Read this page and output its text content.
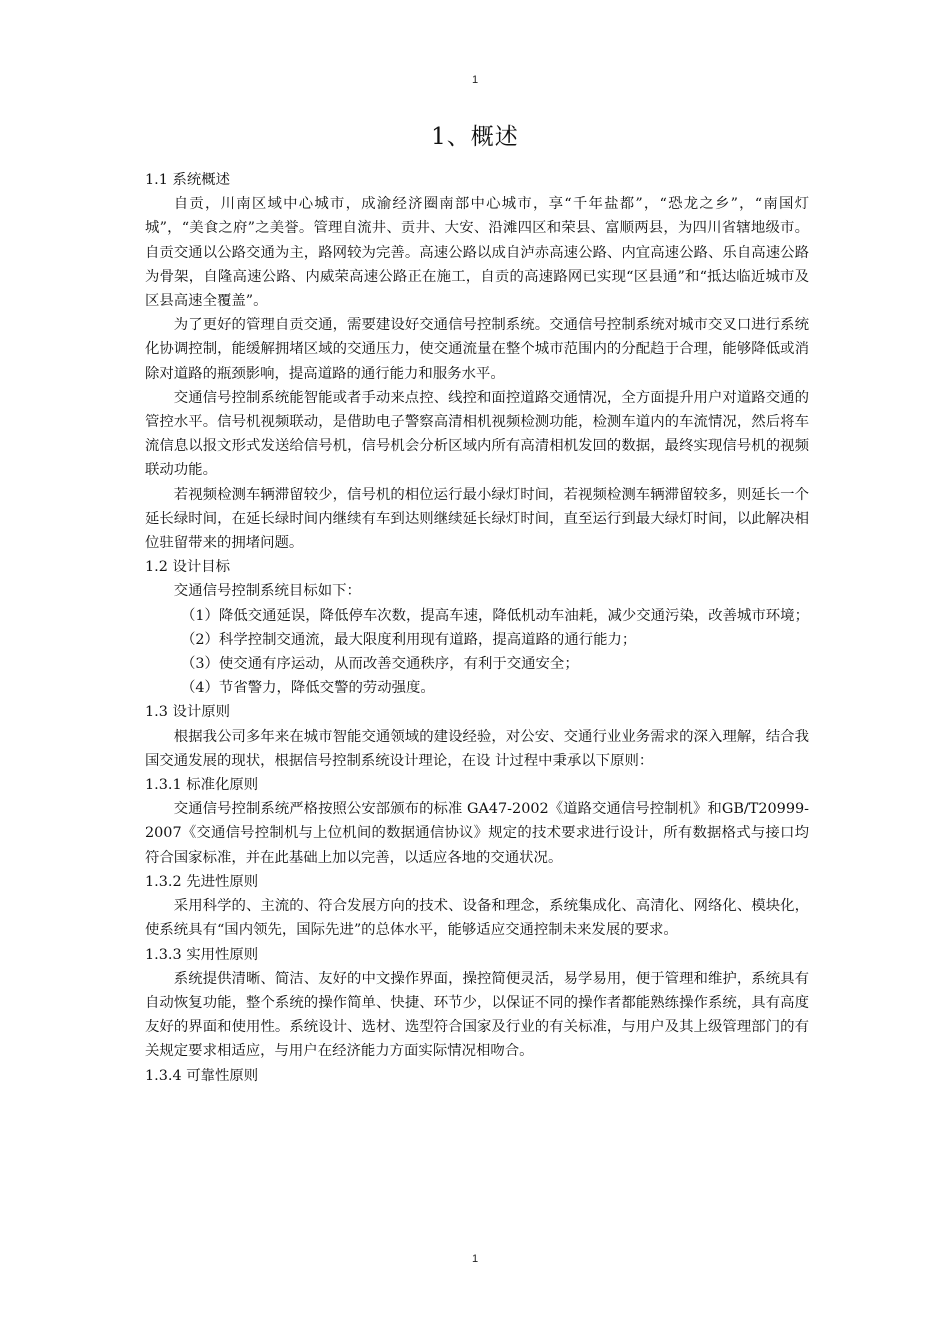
1
1、概述

1.1 系统概述

自贡，川南区域中心城市，成渝经济圈南部中心城市，享“千年盐都”，“恐龙之乡”，“南国灯城”，“美食之府”之美誉。管理自流井、贡井、大安、沿滩四区和荣县、富顺两县，为四川省辖地级市。自贡交通以公路交通为主，路网较为完善。高速公路以成自泸赤高速公路、内宜高速公路、乐自高速公路为骨架，自隆高速公路、内威荣高速公路正在施工，自贡的高速路网已实现“区县通”和“抵达临近城市及区县高速全覆盖”。

为了更好的管理自贡交通，需要建设好交通信号控制系统。交通信号控制系统对城市交叉口进行系统化协调控制，能缓解拥堵区域的交通压力，使交通流量在整个城市范围内的分配趋于合理，能够降低或消除对道路的瓶颈影响，提高道路的通行能力和服务水平。

交通信号控制系统能智能或者手动来点控、线控和面控道路交通情况，全方面提升用户对道路交通的管控水平。信号机视频联动，是借助电子警察高清相机视频检测功能，检测车道内的车流情况，然后将车流信息以报文形式发送给信号机，信号机会分析区域内所有高清相机发回的数据，最终实现信号机的视频联动功能。

若视频检测车辆滞留较少，信号机的相位运行最小绿灯时间，若视频检测车辆滞留较多，则延长一个延长绿时间，在延长绿时间内继续有车到达则继续延长绿灯时间，直至运行到最大绿灯时间，以此解决相位驻留带来的拥堵问题。

1.2 设计目标

交通信号控制系统目标如下：

（1）降低交通延误，降低停车次数，提高车速，降低机动车油耗，减少交通污染，改善城市环境；

（2）科学控制交通流，最大限度利用现有道路，提高道路的通行能力；

（3）使交通有序运动，从而改善交通秩序，有利于交通安全；

（4）节省警力，降低交警的劳动强度。

1.3 设计原则

根据我公司多年来在城市智能交通领域的建设经验，对公安、交通行业业务需求的深入理解，结合我国交通发展的现状，根据信号控制系统设计理论，在设 计过程中秉承以下原则：

1.3.1 标准化原则

交通信号控制系统严格按照公安部颁布的标准 GA47-2002《道路交通信号控制机》和GB/T20999-2007《交通信号控制机与上位机间的数据通信协议》规定的技术要求进行设计，所有数据格式与接口均符合国家标准，并在此基础上加以完善，以适应各地的交通状况。

1.3.2 先进性原则

采用科学的、主流的、符合发展方向的技术、设备和理念，系统集成化、高清化、网络化、模块化，使系统具有“国内领先，国际先进”的总体水平，能够适应交通控制未来发展的要求。

1.3.3 实用性原则

系统提供清晰、简洁、友好的中文操作界面，操控简便灵活，易学易用，便于管理和维护，系统具有自动恢复功能，整个系统的操作简单、快捷、环节少，以保证不同的操作者都能熟练操作系统，具有高度友好的界面和使用性。系统设计、选材、选型符合国家及行业的有关标准，与用户及其上级管理部门的有关规定要求相适应，与用户在经济能力方面实际情况相吻合。

1.3.4 可靠性原则

1
